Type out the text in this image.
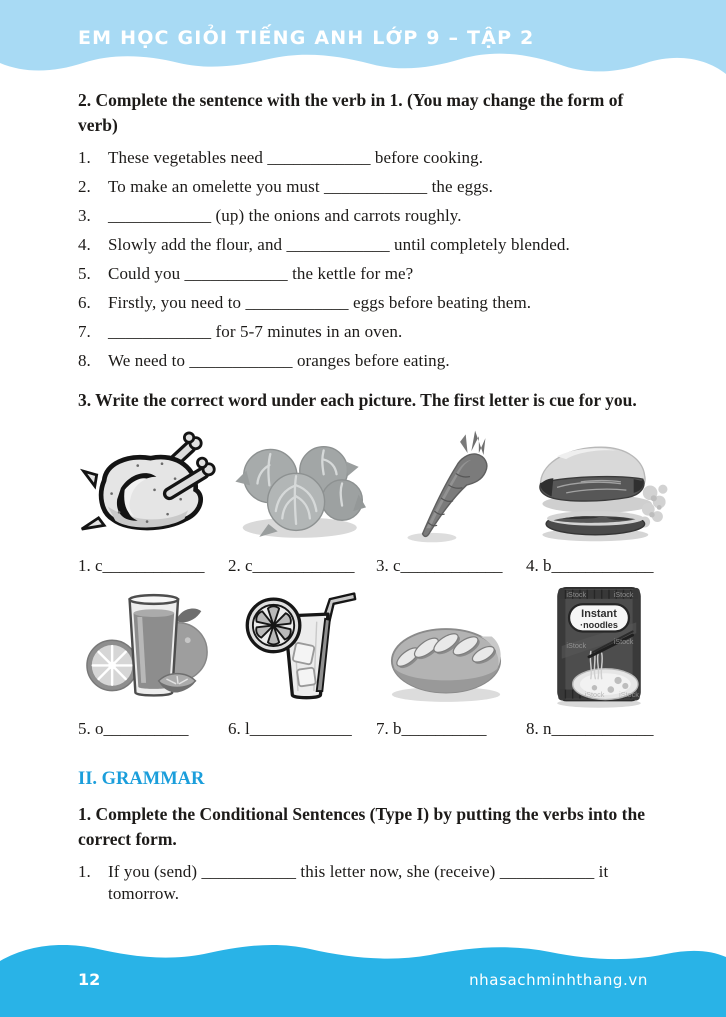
EM HỌC GIỎI TIẾNG ANH LỚP 9 – TẬP 2

2. Complete the sentence with the verb in 1. (You may change the form of verb)

1.	These vegetables need ____________ before cooking.
2.	To make an omelette you must ____________ the eggs.
3.	____________ (up) the onions and carrots roughly.
4.	Slowly add the flour, and ____________ until completely blended.
5.	Could you ____________ the kettle for me?
6.	Firstly, you need to ____________ eggs before beating them.
7.	____________ for 5-7 minutes in an oven.
8.	We need to ____________ oranges before eating.

3. Write the correct word under each picture. The first letter is cue for you.

1. c____________	2. c____________	3. c____________	4. b____________
5. o__________	6. l____________	7. b__________
Instant
·noodles
iStock	iStock
iStock	iStock
iStock iStock
8. n____________
II. GRAMMAR

1. Complete the Conditional Sentences (Type I) by putting the verbs into the correct form.

1.	If you (send) ___________ this letter now, she (receive) ___________ it tomorrow.
12	nhasachminhthang.vn
